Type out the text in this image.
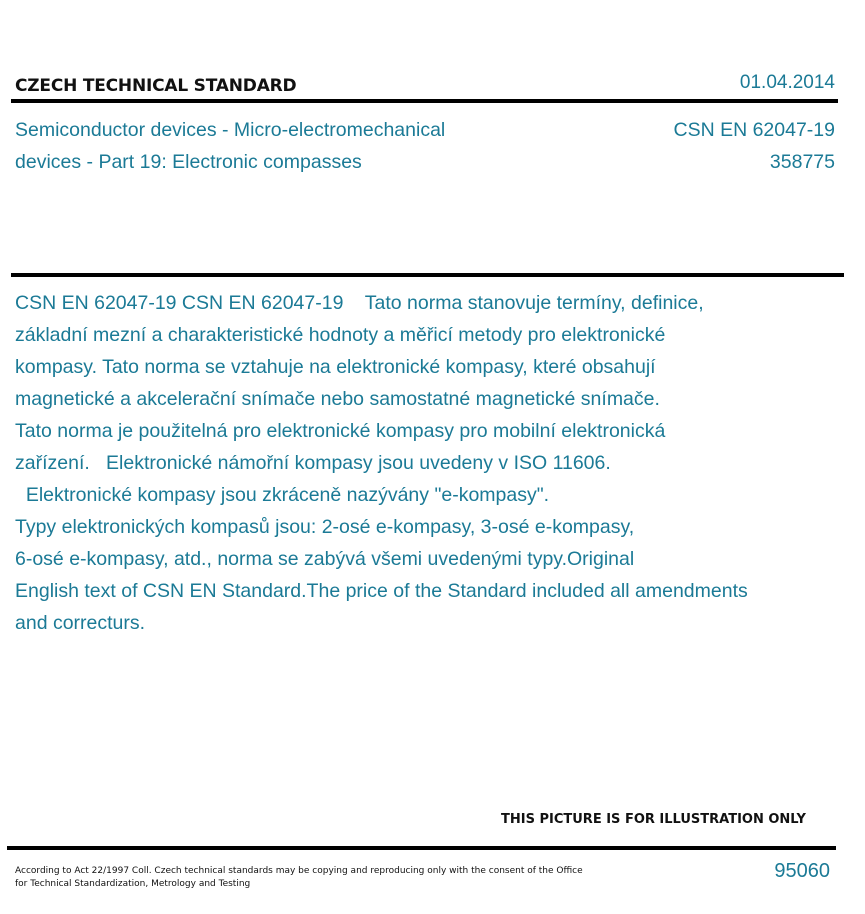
CZECH TECHNICAL STANDARD	01.04.2014
Semiconductor devices - Micro-electromechanical
devices - Part 19: Electronic compasses
CSN EN 62047-19
358775
CSN EN 62047-19 CSN EN 62047-19    Tato norma stanovuje termíny, definice,
základní mezní a charakteristické hodnoty a měřicí metody pro elektronické
kompasy. Tato norma se vztahuje na elektronické kompasy, které obsahují
magnetické a akcelerační snímače nebo samostatné magnetické snímače.
Tato norma je použitelná pro elektronické kompasy pro mobilní elektronická
zařízení.   Elektronické námořní kompasy jsou uvedeny v ISO 11606.
Elektronické kompasy jsou zkráceně nazývány "e-kompasy".
Typy elektronických kompasů jsou: 2-osé e-kompasy, 3-osé e-kompasy,
6-osé e-kompasy, atd., norma se zabývá všemi uvedenými typy.Original
English text of CSN EN Standard.The price of the Standard included all amendments
and correcturs.
THIS PICTURE IS FOR ILLUSTRATION ONLY
According to Act 22/1997 Coll. Czech technical standards may be copying and reproducing only with the consent of the Office
for Technical Standardization, Metrology and Testing
95060
